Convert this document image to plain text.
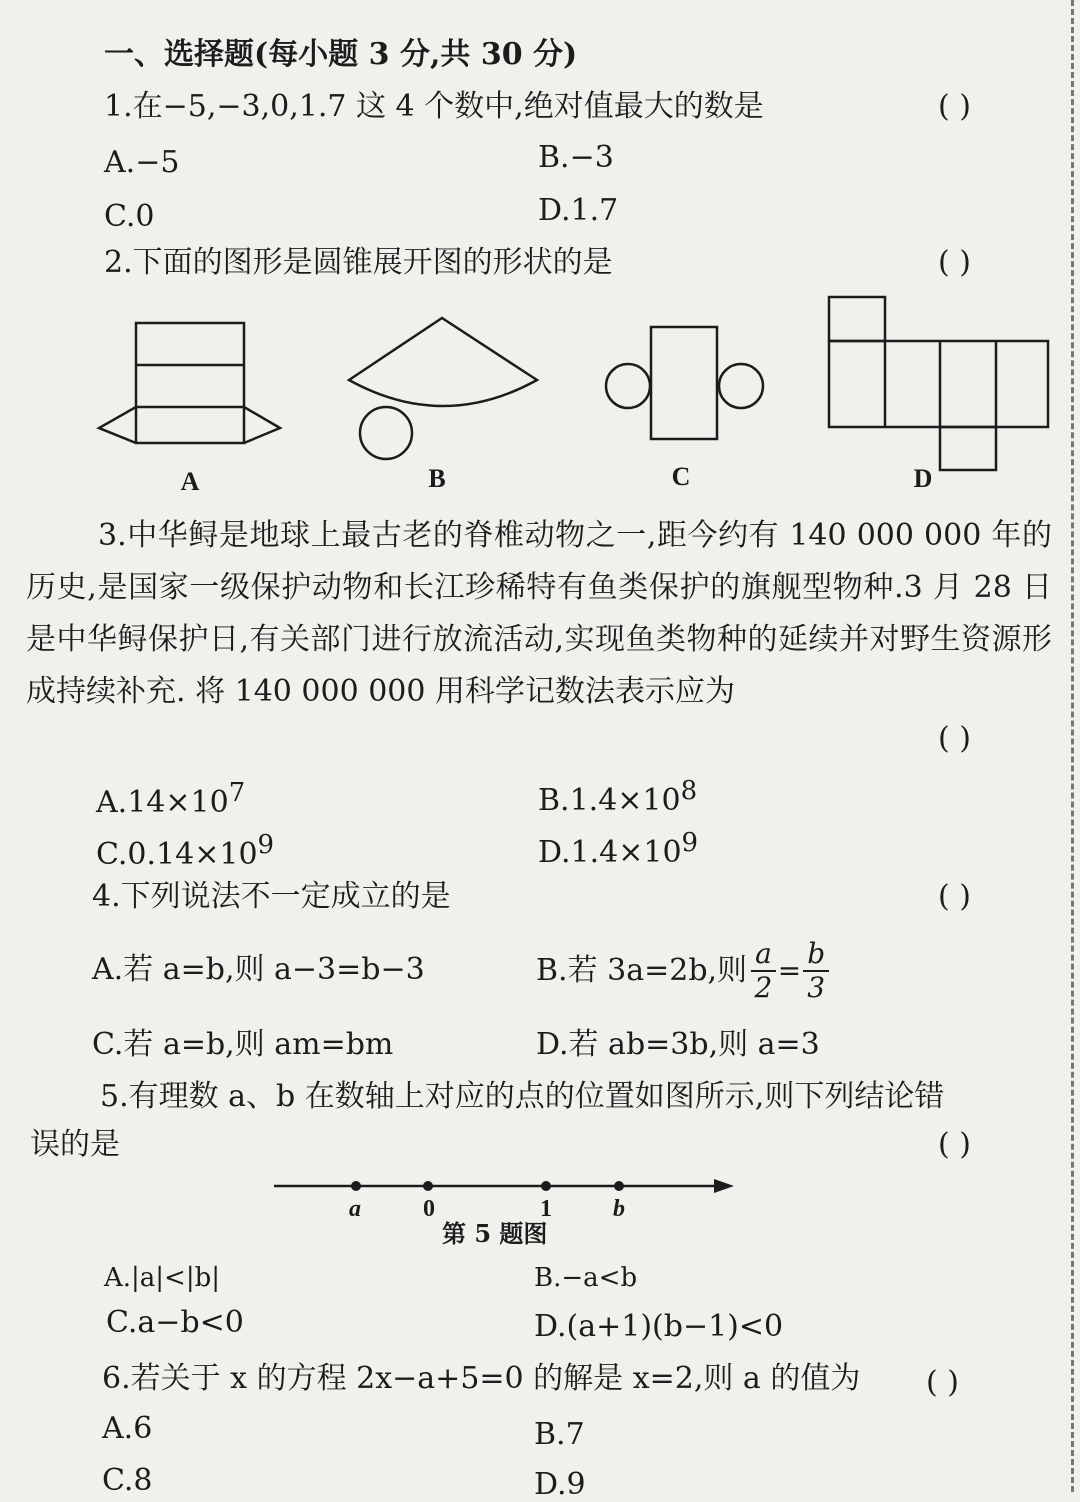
一、选择题(每小题 3 分,共 30 分)
1.在−5,−3,0,1.7 这 4 个数中,绝对值最大的数是	( )
A.−5	B.−3
C.0	D.1.7
2.下面的图形是圆锥展开图的形状的是	( )
A	B	C	D
3.中华鲟是地球上最古老的脊椎动物之一,距今约有 140 000 000 年的历史,是国家一级保护动物和长江珍稀特有鱼类保护的旗舰型物种.3 月 28 日是中华鲟保护日,有关部门进行放流活动,实现鱼类物种的延续并对野生资源形成持续补充. 将 140 000 000 用科学记数法表示应为
( )
$A.14\times 10^7$	$B.1.4\times 10^8$
$C.0.14\times 10^9$	$D.1.4\times 10^9$
4.下列说法不一定成立的是	( )
A.若 a=b,则 a−3=b−3	B.若 3a=2b,则 $\frac{a}{2} = \frac{b}{3}$
C.若 a=b,则 am=bm	D.若 ab=3b,则 a=3
5.有理数 a、b 在数轴上对应的点的位置如图所示,则下列结论错
误的是	( )
a	0	1	b
第 5 题图
A.|a|<|b|	B.−a<b
C.a−b<0	D.(a+1)(b−1)<0
6.若关于 x 的方程 2x−a+5=0 的解是 x=2,则 a 的值为 ( )
A.6	B.7
C.8	D.9
